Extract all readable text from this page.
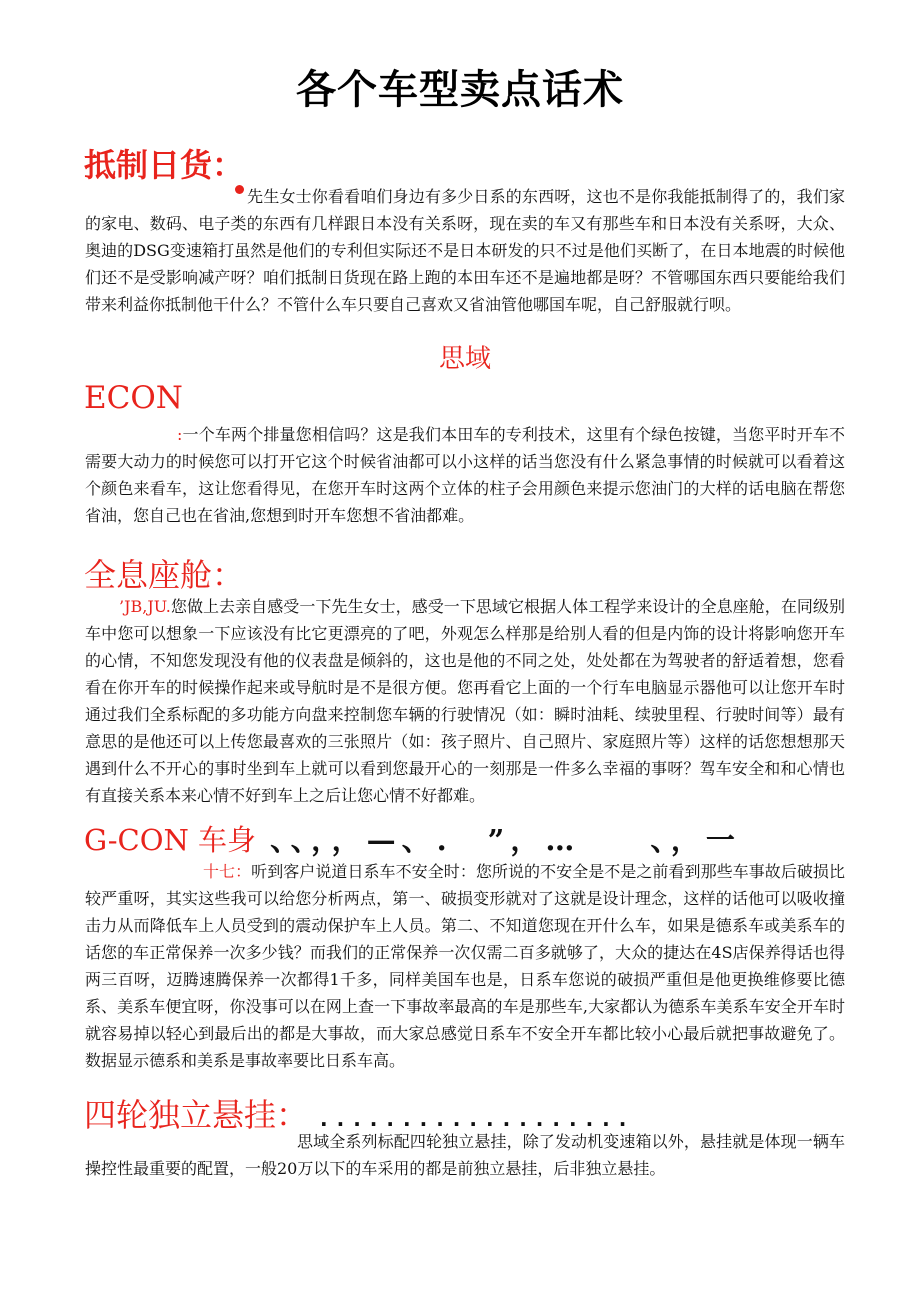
各个车型卖点话术
抵制日货：
先生女士你看看咱们身边有多少日系的东西呀，这也不是你我能抵制得了的，我们家的家电、数码、电子类的东西有几样跟日本没有关系呀，现在卖的车又有那些车和日本没有关系呀，大众、奥迪的DSG变速箱打虽然是他们的专利但实际还不是日本研发的只不过是他们买断了，在日本地震的时候他们还不是受影响减产呀？咱们抵制日货现在路上跑的本田车还不是遍地都是呀？不管哪国东西只要能给我们带来利益你抵制他干什么？不管什么车只要自己喜欢又省油管他哪国车呢，自己舒服就行呗。
思域
ECON
:一个车两个排量您相信吗？这是我们本田车的专利技术，这里有个绿色按键，当您平时开车不需要大动力的时候您可以打开它这个时候省油都可以小这样的话当您没有什么紧急事情的时候就可以看着这个颜色来看车，这让您看得见，在您开车时这两个立体的柱子会用颜色来提示您油门的大样的话电脑在帮您省油，您自己也在省油,您想到时开车您想不省油都难。
全息座舱：
’JB,JU.您做上去亲自感受一下先生女士，感受一下思域它根据人体工程学来设计的全息座舱，在同级别车中您可以想象一下应该没有比它更漂亮的了吧，外观怎么样那是给别人看的但是内饰的设计将影响您开车的心情，不知您发现没有他的仪表盘是倾斜的，这也是他的不同之处，处处都在为驾驶者的舒适着想，您看看在你开车的时候操作起来或导航时是不是很方便。您再看它上面的一个行车电脑显示器他可以让您开车时通过我们全系标配的多功能方向盘来控制您车辆的行驶情况（如：瞬时油耗、续驶里程、行驶时间等）最有意思的是他还可以上传您最喜欢的三张照片（如：孩子照片、自己照片、家庭照片等）这样的话您想想那天遇到什么不开心的事时坐到车上就可以看到您最开心的一刻那是一件多么幸福的事呀？驾车安全和和心情也有直接关系本来心情不好到车上之后让您心情不好都难。
G-CON 车身 、、，，—、.　”，…　　、，一
十七：听到客户说道日系车不安全时：您所说的不安全是不是之前看到那些车事故后破损比较严重呀，其实这些我可以给您分析两点，第一、破损变形就对了这就是设计理念，这样的话他可以吸收撞击力从而降低车上人员受到的震动保护车上人员。第二、不知道您现在开什么车，如果是德系车或美系车的话您的车正常保养一次多少钱？而我们的正常保养一次仅需二百多就够了，大众的捷达在4S店保养得话也得两三百呀，迈腾速腾保养一次都得1千多，同样美国车也是，日系车您说的破损严重但是他更换维修要比德系、美系车便宜呀，你没事可以在网上查一下事故率最高的车是那些车,大家都认为德系车美系车安全开车时就容易掉以轻心到最后出的都是大事故，而大家总感觉日系车不安全开车都比较小心最后就把事故避免了。数据显示德系和美系是事故率要比日系车高。
四轮独立悬挂： ...................
思域全系列标配四轮独立悬挂，除了发动机变速箱以外，悬挂就是体现一辆车操控性最重要的配置，一般20万以下的车采用的都是前独立悬挂，后非独立悬挂。
